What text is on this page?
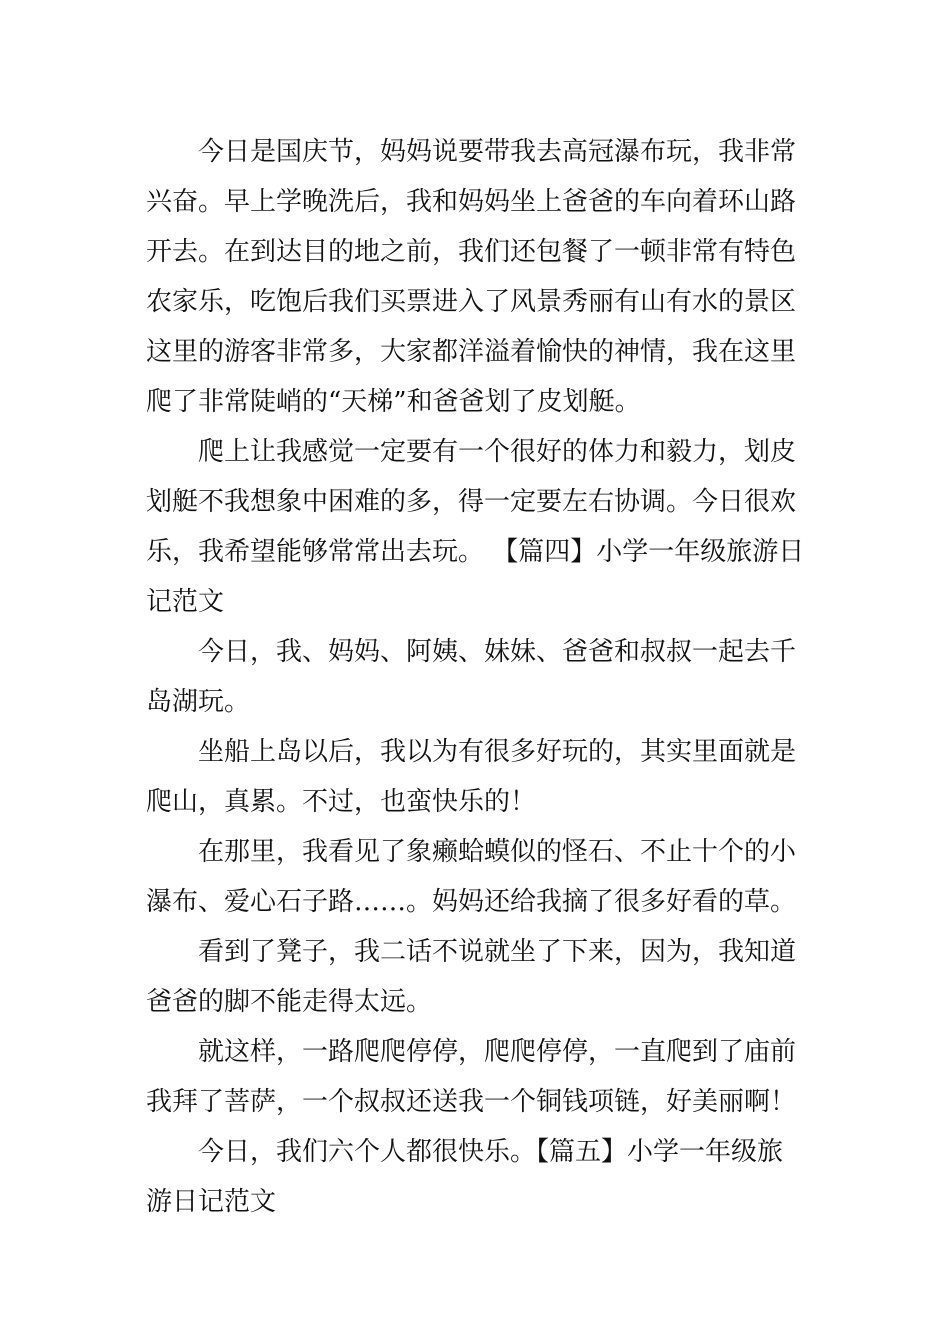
今日是国庆节，妈妈说要带我去高冠瀑布玩，我非常
兴奋。早上学晚洗后，我和妈妈坐上爸爸的车向着环山路
开去。在到达目的地之前，我们还包餐了一顿非常有特色
农家乐，吃饱后我们买票进入了风景秀丽有山有水的景区
这里的游客非常多，大家都洋溢着愉快的神情，我在这里
爬了非常陡峭的“天梯”和爸爸划了皮划艇。
爬上让我感觉一定要有一个很好的体力和毅力，划皮
划艇不我想象中困难的多，得一定要左右协调。今日很欢
乐，我希望能够常常出去玩。 【篇四】小学一年级旅游日
记范文
今日，我、妈妈、阿姨、妹妹、爸爸和叔叔一起去千
岛湖玩。
坐船上岛以后，我以为有很多好玩的，其实里面就是
爬山，真累。不过，也蛮快乐的！
在那里，我看见了象癞蛤蟆似的怪石、不止十个的小
瀑布、爱心石子路……。妈妈还给我摘了很多好看的草。
看到了凳子，我二话不说就坐了下来，因为，我知道
爸爸的脚不能走得太远。
就这样，一路爬爬停停，爬爬停停，一直爬到了庙前
我拜了菩萨，一个叔叔还送我一个铜钱项链，好美丽啊！
今日，我们六个人都很快乐。【篇五】小学一年级旅
游日记范文
